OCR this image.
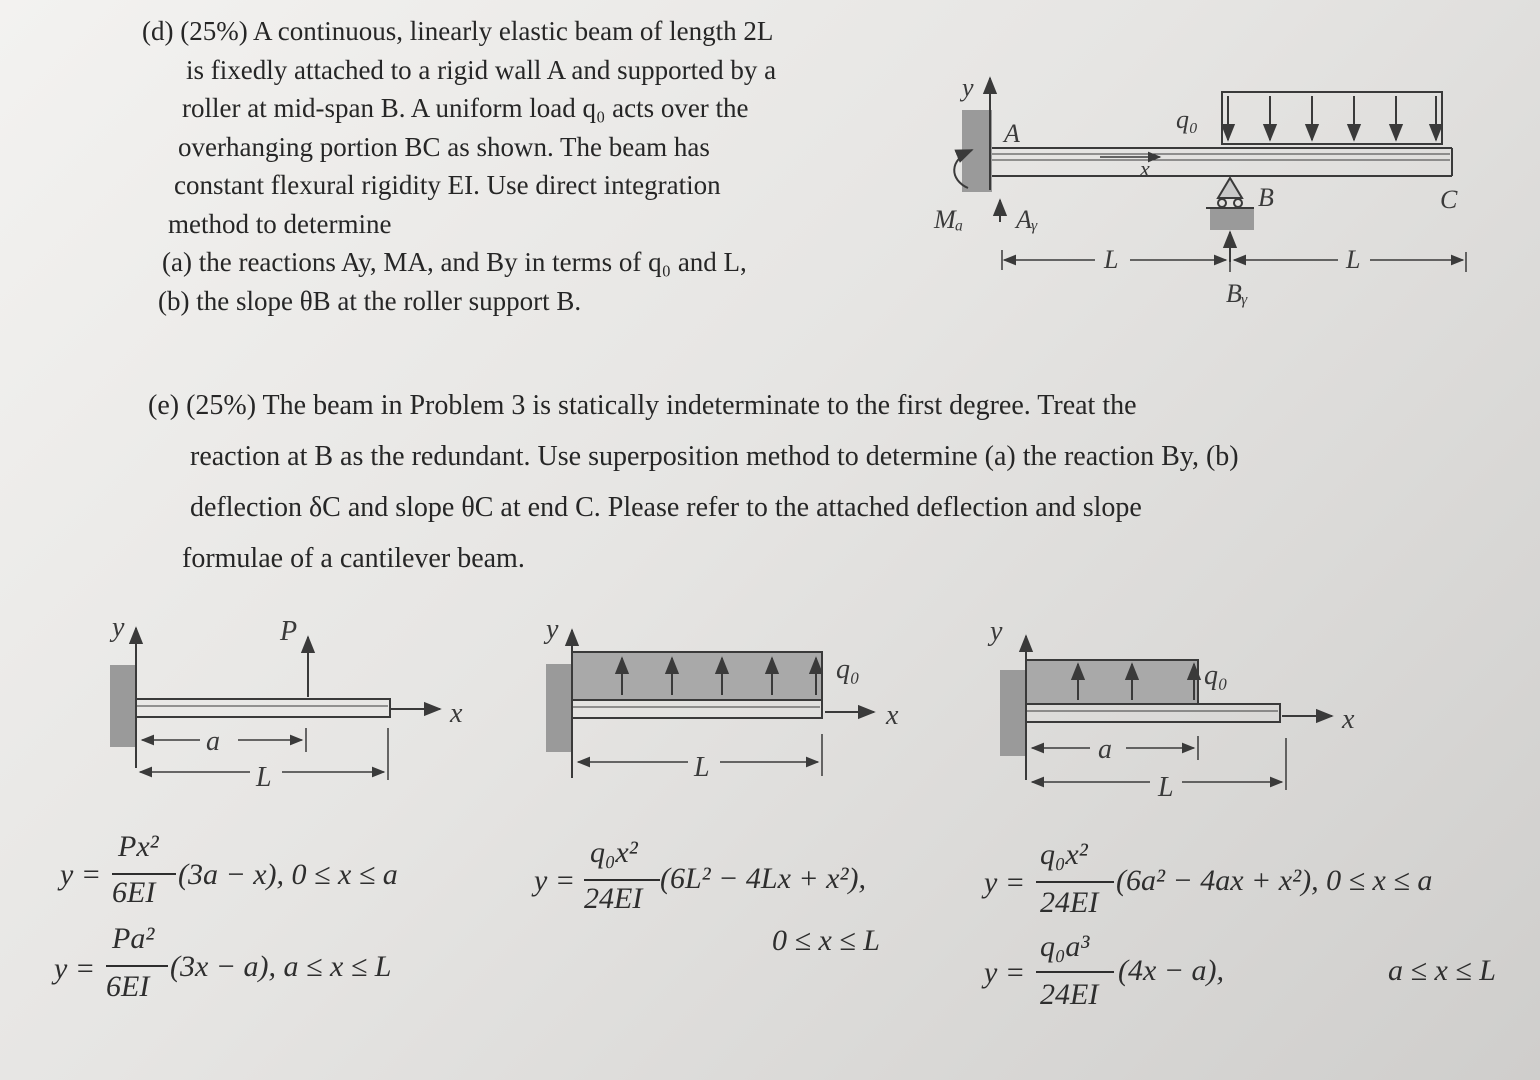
(d) (25%) A continuous, linearly elastic beam of length 2L
is fixedly attached to a rigid wall A and supported by a
roller at mid-span B. A uniform load q₀ acts over the
overhanging portion BC as shown. The beam has
constant flexural rigidity EI. Use direct integration
method to determine
(a) the reactions Ay, MA, and By in terms of q₀ and L,
(b) the slope θB at the roller support B.
(e) (25%) The beam in Problem 3 is statically indeterminate to the first degree. Treat the
reaction at B as the redundant. Use superposition method to determine (a) the reaction By, (b)
deflection δC and slope θC at end C. Please refer to the attached deflection and slope
formulae of a cantilever beam.
y
A
x
q₀
B	C
Mₐ Aᵧ
Bᵧ
L	L
y	P
x
a
L
y =
Px²
6EI
(3a − x), 0 ≤ x ≤ a
y =
Pa²
6EI
(3x − a), a ≤ x ≤ L
y
q₀
x
L
y =
q₀x²
24EI
(6L² − 4Lx + x²),
0 ≤ x ≤ L
y
q₀
x
a
L
y =
q₀x²
24EI
(6a² − 4ax + x²), 0 ≤ x ≤ a
y =
q₀a³
24EI
(4x − a),	a ≤ x ≤ L
